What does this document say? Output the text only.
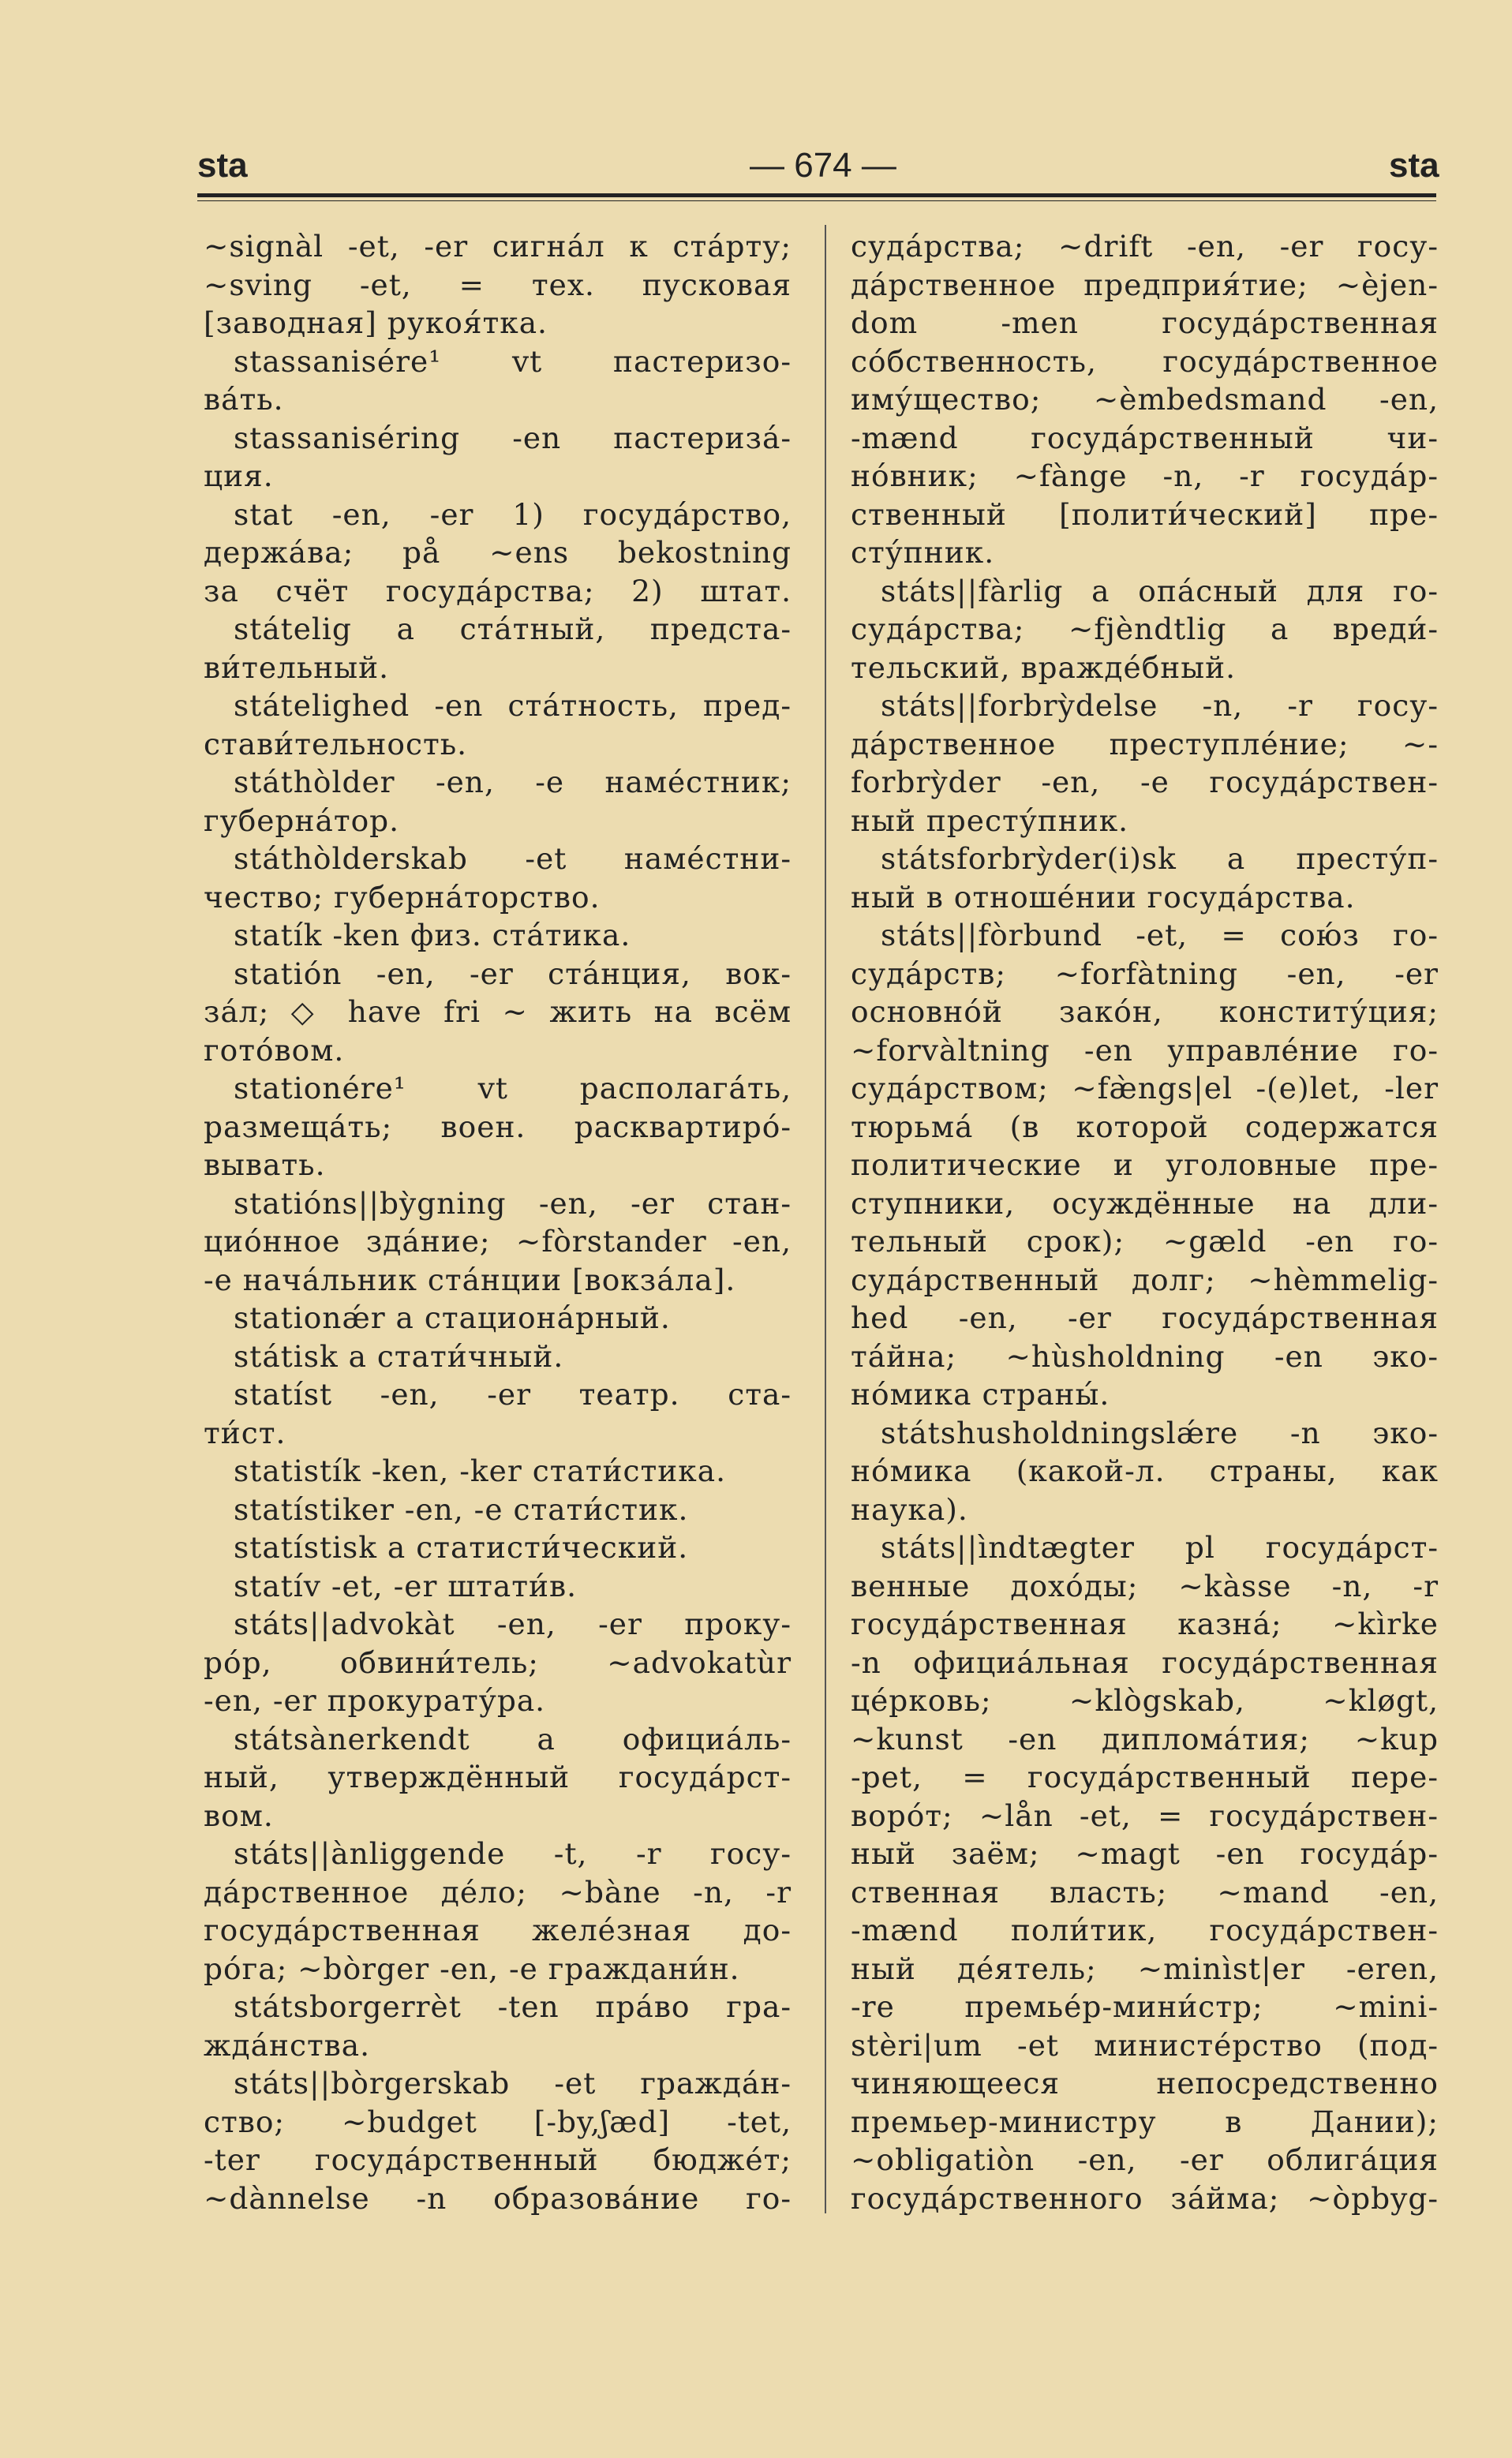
sta	— 674 —	sta
~signàl -et, -er сигна́л к ста́рту;
~sving -et, = тех. пусковая
[заводная] рукоя́тка.
stassanisére¹ vt пастеризо-
ва́ть.
stassaniséring -en пастериза́-
ция.
stat -en, -er 1) госуда́рство,
держа́ва; på ~ens bekostning
за счёт госуда́рства; 2) штат.
státelig a ста́тный, предста-
ви́тельный.
státelighed -en ста́тность, пред-
стави́тельность.
státhòlder -en, -e наме́стник;
губерна́тор.
státhòlderskab -et наме́стни-
чество; губерна́торство.
statík -ken физ. ста́тика.
statión -en, -er ста́нция, вок-
за́л; ◇ have fri ~ жить на всём
гото́вом.
stationére¹ vt располага́ть,
размеща́ть; воен. расквартиро́-
вывать.
statións||bỳgning -en, -er стан-
цио́нное зда́ние; ~fòrstander -en,
-e нача́льник ста́нции [вокза́ла].
stationǽr a стациона́рный.
státisk a стати́чный.
statíst -en, -er театр. ста-
ти́ст.
statistík -ken, -ker стати́стика.
statístiker -en, -e стати́стик.
statístisk a статисти́ческий.
statív -et, -er штати́в.
státs||advokàt -en, -er проку-
ро́р, обвини́тель; ~advokatùr
-en, -er прокурату́ра.
státsànerkendt a официа́ль-
ный, утверждённый госуда́рст-
вом.
státs||ànliggende -t, -r госу-
да́рственное де́ло; ~bàne -n, -r
госуда́рственная желе́зная до-
ро́га; ~bòrger -en, -e граждани́н.
státsborgerrèt -ten пра́во гра-
жда́нства.
státs||bòrgerskab -et гражда́н-
ство; ~budget [-by,ʃæd] -tet,
-ter госуда́рственный бюдже́т;
~dànnelse -n образова́ние го-
суда́рства; ~drift -en, -er госу-
да́рственное предприя́тие; ~èjen-
dom -men госуда́рственная
со́бственность, госуда́рственное
иму́щество; ~èmbedsmand -en,
-mænd госуда́рственный чи-
но́вник; ~fànge -n, -r госуда́р-
ственный [полити́ческий] пре-
сту́пник.
státs||fàrlig a опа́сный для го-
суда́рства; ~fjèndtlig a вреди́-
тельский, вражде́бный.
státs||forbrỳdelse -n, -r госу-
да́рственное преступле́ние; ~-
forbrỳder -en, -e госуда́рствен-
ный престу́пник.
státsforbrỳder(i)sk a престу́п-
ный в отноше́нии госуда́рства.
státs||fòrbund -et, = сою́з го-
суда́рств; ~forfàtning -en, -er
основно́й зако́н, конститу́ция;
~forvàltning -en управле́ние го-
суда́рством; ~fæ̀ngs|el -(e)let, -ler
тюрьма́ (в которой содержатся
политические и уголовные пре-
ступники, осуждённые на дли-
тельный срок); ~gæld -en го-
суда́рственный долг; ~hèmmelig-
hed -en, -er госуда́рственная
та́йна; ~hùsholdning -en эко-
но́мика страны́.
státshusholdningslǽre -n эко-
но́мика (какой-л. страны, как
наука).
státs||ìndtægter pl госуда́рст-
венные дохо́ды; ~kàsse -n, -r
госуда́рственная казна́; ~kìrke
-n официа́льная госуда́рственная
це́рковь; ~klògskab, ~kløgt,
~kunst -en диплома́тия; ~kup
-pet, = госуда́рственный пере-
воро́т; ~lån -et, = госуда́рствен-
ный заём; ~magt -en госуда́р-
ственная власть; ~mand -en,
-mænd поли́тик, госуда́рствен-
ный де́ятель; ~minìst|er -eren,
-re премье́р-мини́стр; ~mini-
stèri|um -et министе́рство (под-
чиняющееся непосредственно
премьер-министру в Дании);
~obligatiòn -en, -er облига́ция
госуда́рственного за́йма; ~òpbyg-
